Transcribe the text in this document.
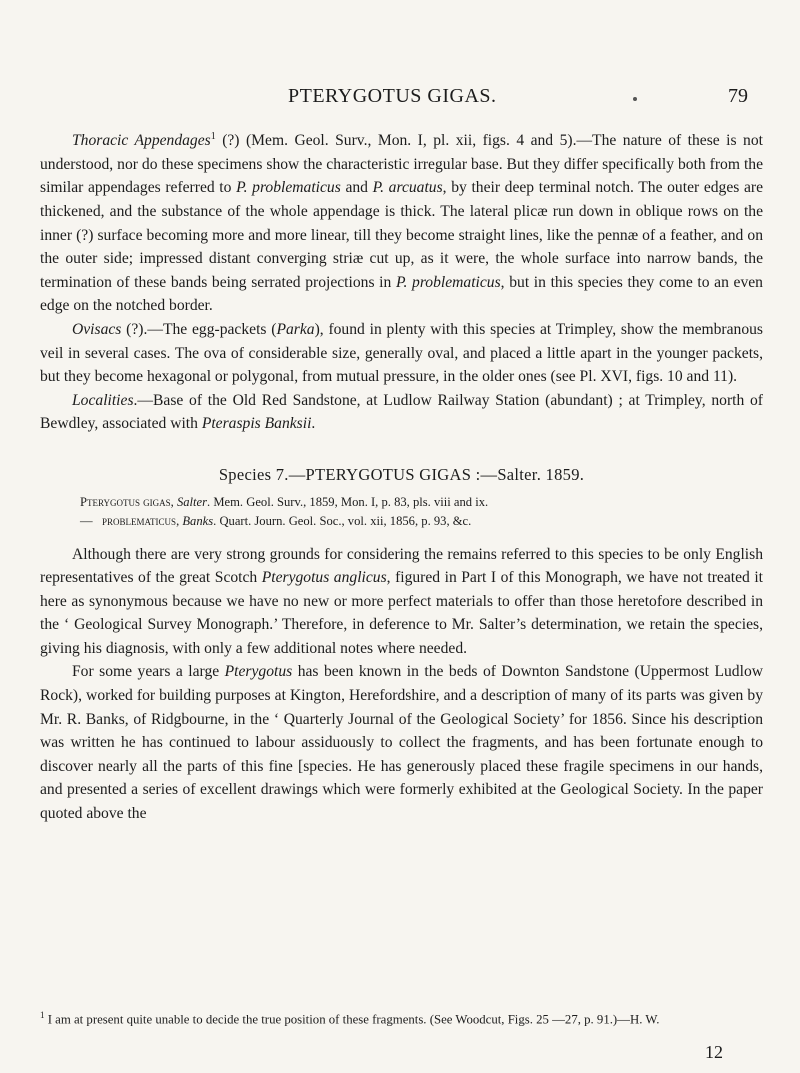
PTERYGOTUS GIGAS.	79

Thoracic Appendages$^1$ (?) (Mem. Geol. Surv., Mon. I, pl. xii, figs. 4 and 5).—The nature of these is not understood, nor do these specimens show the characteristic irregular base. But they differ specifically both from the similar appendages referred to P. problematicus and P. arcuatus, by their deep terminal notch. The outer edges are thickened, and the substance of the whole appendage is thick. The lateral plicæ run down in oblique rows on the inner (?) surface becoming more and more linear, till they become straight lines, like the pennæ of a feather, and on the outer side; impressed distant converging striæ cut up, as it were, the whole surface into narrow bands, the termination of these bands being serrated projections in P. problematicus, but in this species they come to an even edge on the notched border.

Ovisacs (?).—The egg-packets (Parka), found in plenty with this species at Trimpley, show the membranous veil in several cases. The ova of considerable size, generally oval, and placed a little apart in the younger packets, but they become hexagonal or polygonal, from mutual pressure, in the older ones (see Pl. XVI, figs. 10 and 11).

Localities.—Base of the Old Red Sandstone, at Ludlow Railway Station (abundant) ; at Trimpley, north of Bewdley, associated with Pteraspis Banksii.

Species 7.—PTERYGOTUS GIGAS :—Salter. 1859.
Pterygotus gigas, Salter. Mem. Geol. Surv., 1859, Mon. I, p. 83, pls. viii and ix.
— problematicus, Banks. Quart. Journ. Geol. Soc., vol. xii, 1856, p. 93, &c.

Although there are very strong grounds for considering the remains referred to this species to be only English representatives of the great Scotch Pterygotus anglicus, figured in Part I of this Monograph, we have not treated it here as synonymous because we have no new or more perfect materials to offer than those heretofore described in the ‘ Geological Survey Monograph.’ Therefore, in deference to Mr. Salter’s determination, we retain the species, giving his diagnosis, with only a few additional notes where needed.

For some years a large Pterygotus has been known in the beds of Downton Sandstone (Uppermost Ludlow Rock), worked for building purposes at Kington, Herefordshire, and a description of many of its parts was given by Mr. R. Banks, of Ridgbourne, in the ‘ Quarterly Journal of the Geological Society’ for 1856. Since his description was written he has continued to labour assiduously to collect the fragments, and has been fortunate enough to discover nearly all the parts of this fine [species. He has generously placed these fragile specimens in our hands, and presented a series of excellent drawings which were formerly exhibited at the Geological Society. In the paper quoted above the

$^1$ I am at present quite unable to decide the true position of these fragments. (See Woodcut, Figs. 25 —27, p. 91.)—H. W.
12
